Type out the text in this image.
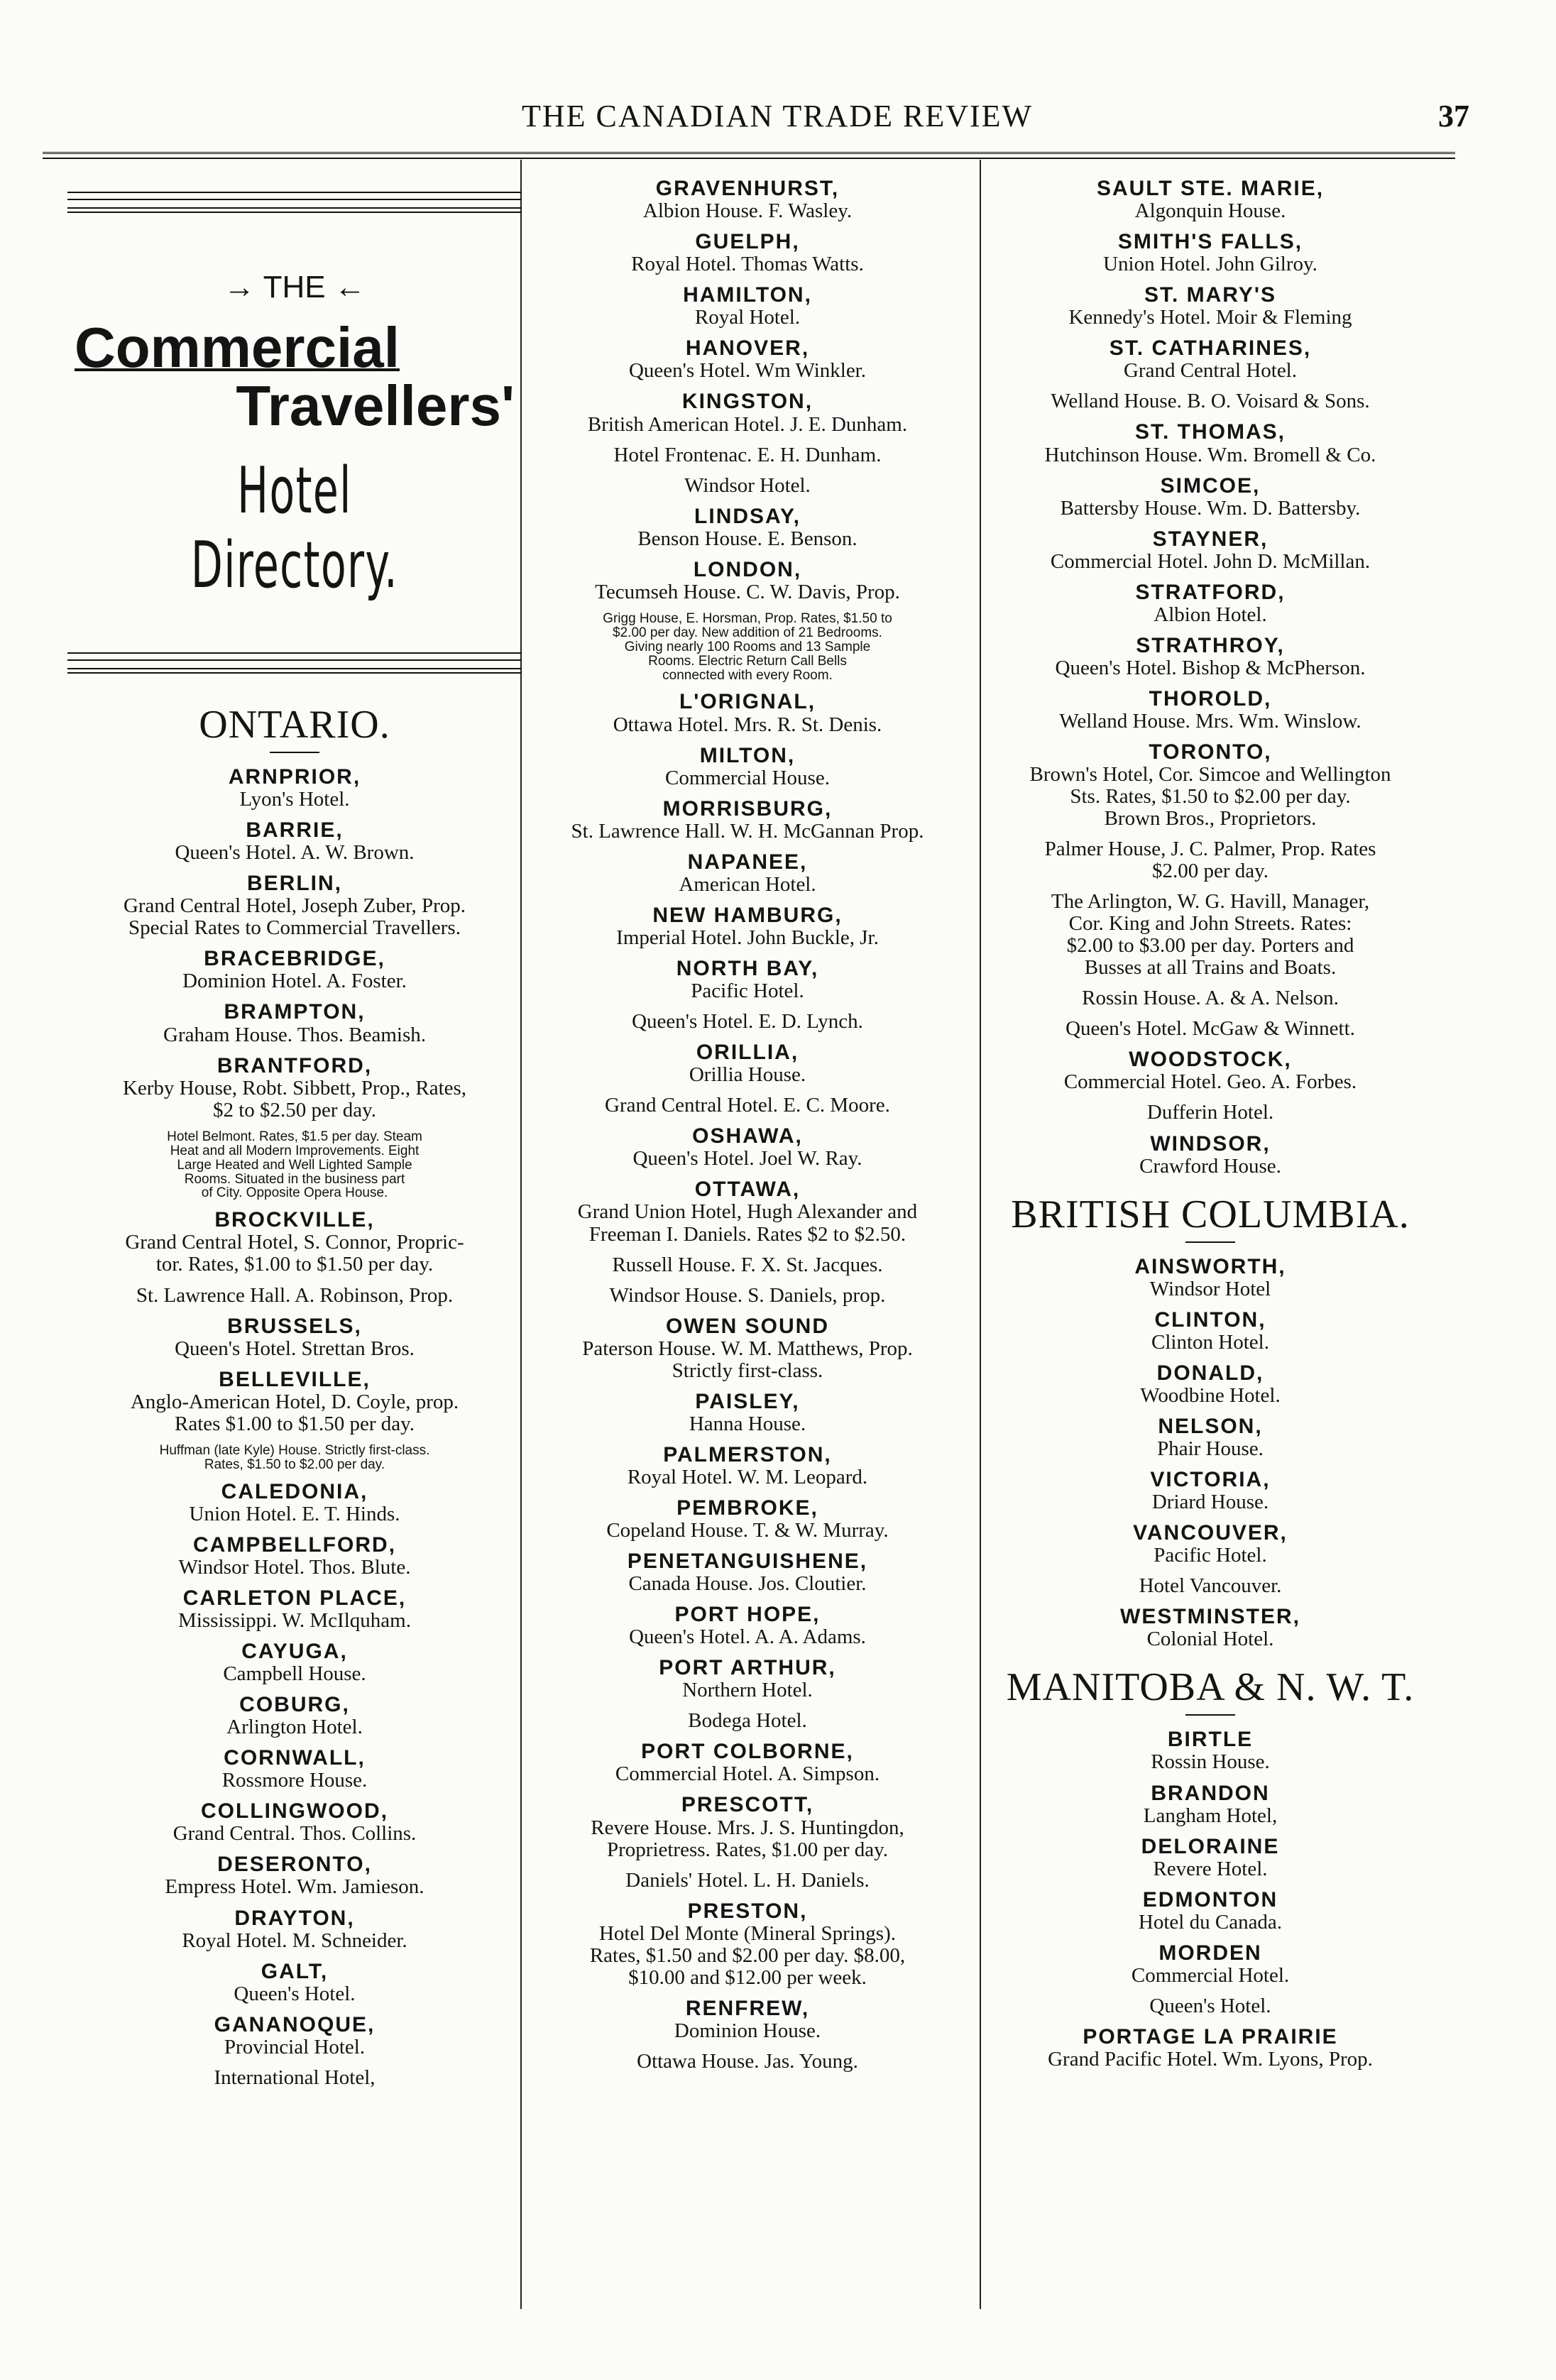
THE CANADIAN TRADE REVIEW	37
→ THE ←
Commercial
Travellers'
Hotel Directory.
ONTARIO.
ARNPRIOR,
Lyon's Hotel.
BARRIE,
Queen's Hotel. A. W. Brown.
BERLIN,
Grand Central Hotel, Joseph Zuber, Prop.
Special Rates to Commercial Travellers.
BRACEBRIDGE,
Dominion Hotel. A. Foster.
BRAMPTON,
Graham House. Thos. Beamish.
BRANTFORD,
Kerby House, Robt. Sibbett, Prop., Rates,
$2 to $2.50 per day.
Hotel Belmont. Rates, $1.5 per day. Steam
Heat and all Modern Improvements. Eight
Large Heated and Well Lighted Sample
Rooms. Situated in the business part
of City. Opposite Opera House.
BROCKVILLE,
Grand Central Hotel, S. Connor, Propric-
tor. Rates, $1.00 to $1.50 per day.
St. Lawrence Hall. A. Robinson, Prop.
BRUSSELS,
Queen's Hotel. Strettan Bros.
BELLEVILLE,
Anglo-American Hotel, D. Coyle, prop.
Rates $1.00 to $1.50 per day.
Huffman (late Kyle) House. Strictly first-class.
Rates, $1.50 to $2.00 per day.
CALEDONIA,
Union Hotel. E. T. Hinds.
CAMPBELLFORD,
Windsor Hotel. Thos. Blute.
CARLETON PLACE,
Mississippi. W. McIlquham.
CAYUGA,
Campbell House.
COBURG,
Arlington Hotel.
CORNWALL,
Rossmore House.
COLLINGWOOD,
Grand Central. Thos. Collins.
DESERONTO,
Empress Hotel. Wm. Jamieson.
DRAYTON,
Royal Hotel. M. Schneider.
GALT,
Queen's Hotel.
GANANOQUE,
Provincial Hotel.
International Hotel,
GRAVENHURST,
Albion House. F. Wasley.
GUELPH,
Royal Hotel. Thomas Watts.
HAMILTON,
Royal Hotel.
HANOVER,
Queen's Hotel. Wm Winkler.
KINGSTON,
British American Hotel. J. E. Dunham.
Hotel Frontenac. E. H. Dunham.
Windsor Hotel.
LINDSAY,
Benson House. E. Benson.
LONDON,
Tecumseh House. C. W. Davis, Prop.
Grigg House, E. Horsman, Prop. Rates, $1.50 to
$2.00 per day. New addition of 21 Bedrooms.
Giving nearly 100 Rooms and 13 Sample
Rooms. Electric Return Call Bells
connected with every Room.
L'ORIGNAL,
Ottawa Hotel. Mrs. R. St. Denis.
MILTON,
Commercial House.
MORRISBURG,
St. Lawrence Hall. W. H. McGannan Prop.
NAPANEE,
American Hotel.
NEW HAMBURG,
Imperial Hotel. John Buckle, Jr.
NORTH BAY,
Pacific Hotel.
Queen's Hotel. E. D. Lynch.
ORILLIA,
Orillia House.
Grand Central Hotel. E. C. Moore.
OSHAWA,
Queen's Hotel. Joel W. Ray.
OTTAWA,
Grand Union Hotel, Hugh Alexander and
Freeman I. Daniels. Rates $2 to $2.50.
Russell House. F. X. St. Jacques.
Windsor House. S. Daniels, prop.
OWEN SOUND
Paterson House. W. M. Matthews, Prop.
Strictly first-class.
PAISLEY,
Hanna House.
PALMERSTON,
Royal Hotel. W. M. Leopard.
PEMBROKE,
Copeland House. T. & W. Murray.
PENETANGUISHENE,
Canada House. Jos. Cloutier.
PORT HOPE,
Queen's Hotel. A. A. Adams.
PORT ARTHUR,
Northern Hotel.
Bodega Hotel.
PORT COLBORNE,
Commercial Hotel. A. Simpson.
PRESCOTT,
Revere House. Mrs. J. S. Huntingdon,
Proprietress. Rates, $1.00 per day.
Daniels' Hotel. L. H. Daniels.
PRESTON,
Hotel Del Monte (Mineral Springs).
Rates, $1.50 and $2.00 per day. $8.00,
$10.00 and $12.00 per week.
RENFREW,
Dominion House.
Ottawa House. Jas. Young.
SAULT STE. MARIE,
Algonquin House.
SMITH'S FALLS,
Union Hotel. John Gilroy.
ST. MARY'S
Kennedy's Hotel. Moir & Fleming
ST. CATHARINES,
Grand Central Hotel.
Welland House. B. O. Voisard & Sons.
ST. THOMAS,
Hutchinson House. Wm. Bromell & Co.
SIMCOE,
Battersby House. Wm. D. Battersby.
STAYNER,
Commercial Hotel. John D. McMillan.
STRATFORD,
Albion Hotel.
STRATHROY,
Queen's Hotel. Bishop & McPherson.
THOROLD,
Welland House. Mrs. Wm. Winslow.
TORONTO,
Brown's Hotel, Cor. Simcoe and Wellington
Sts. Rates, $1.50 to $2.00 per day.
Brown Bros., Proprietors.
Palmer House, J. C. Palmer, Prop. Rates
$2.00 per day.
The Arlington, W. G. Havill, Manager,
Cor. King and John Streets. Rates:
$2.00 to $3.00 per day. Porters and
Busses at all Trains and Boats.
Rossin House. A. & A. Nelson.
Queen's Hotel. McGaw & Winnett.
WOODSTOCK,
Commercial Hotel. Geo. A. Forbes.
Dufferin Hotel.
WINDSOR,
Crawford House.
BRITISH COLUMBIA.
AINSWORTH,
Windsor Hotel
CLINTON,
Clinton Hotel.
DONALD,
Woodbine Hotel.
NELSON,
Phair House.
VICTORIA,
Driard House.
VANCOUVER,
Pacific Hotel.
Hotel Vancouver.
WESTMINSTER,
Colonial Hotel.
MANITOBA & N. W. T.
BIRTLE
Rossin House.
BRANDON
Langham Hotel,
DELORAINE
Revere Hotel.
EDMONTON
Hotel du Canada.
MORDEN
Commercial Hotel.
Queen's Hotel.
PORTAGE LA PRAIRIE
Grand Pacific Hotel. Wm. Lyons, Prop.
